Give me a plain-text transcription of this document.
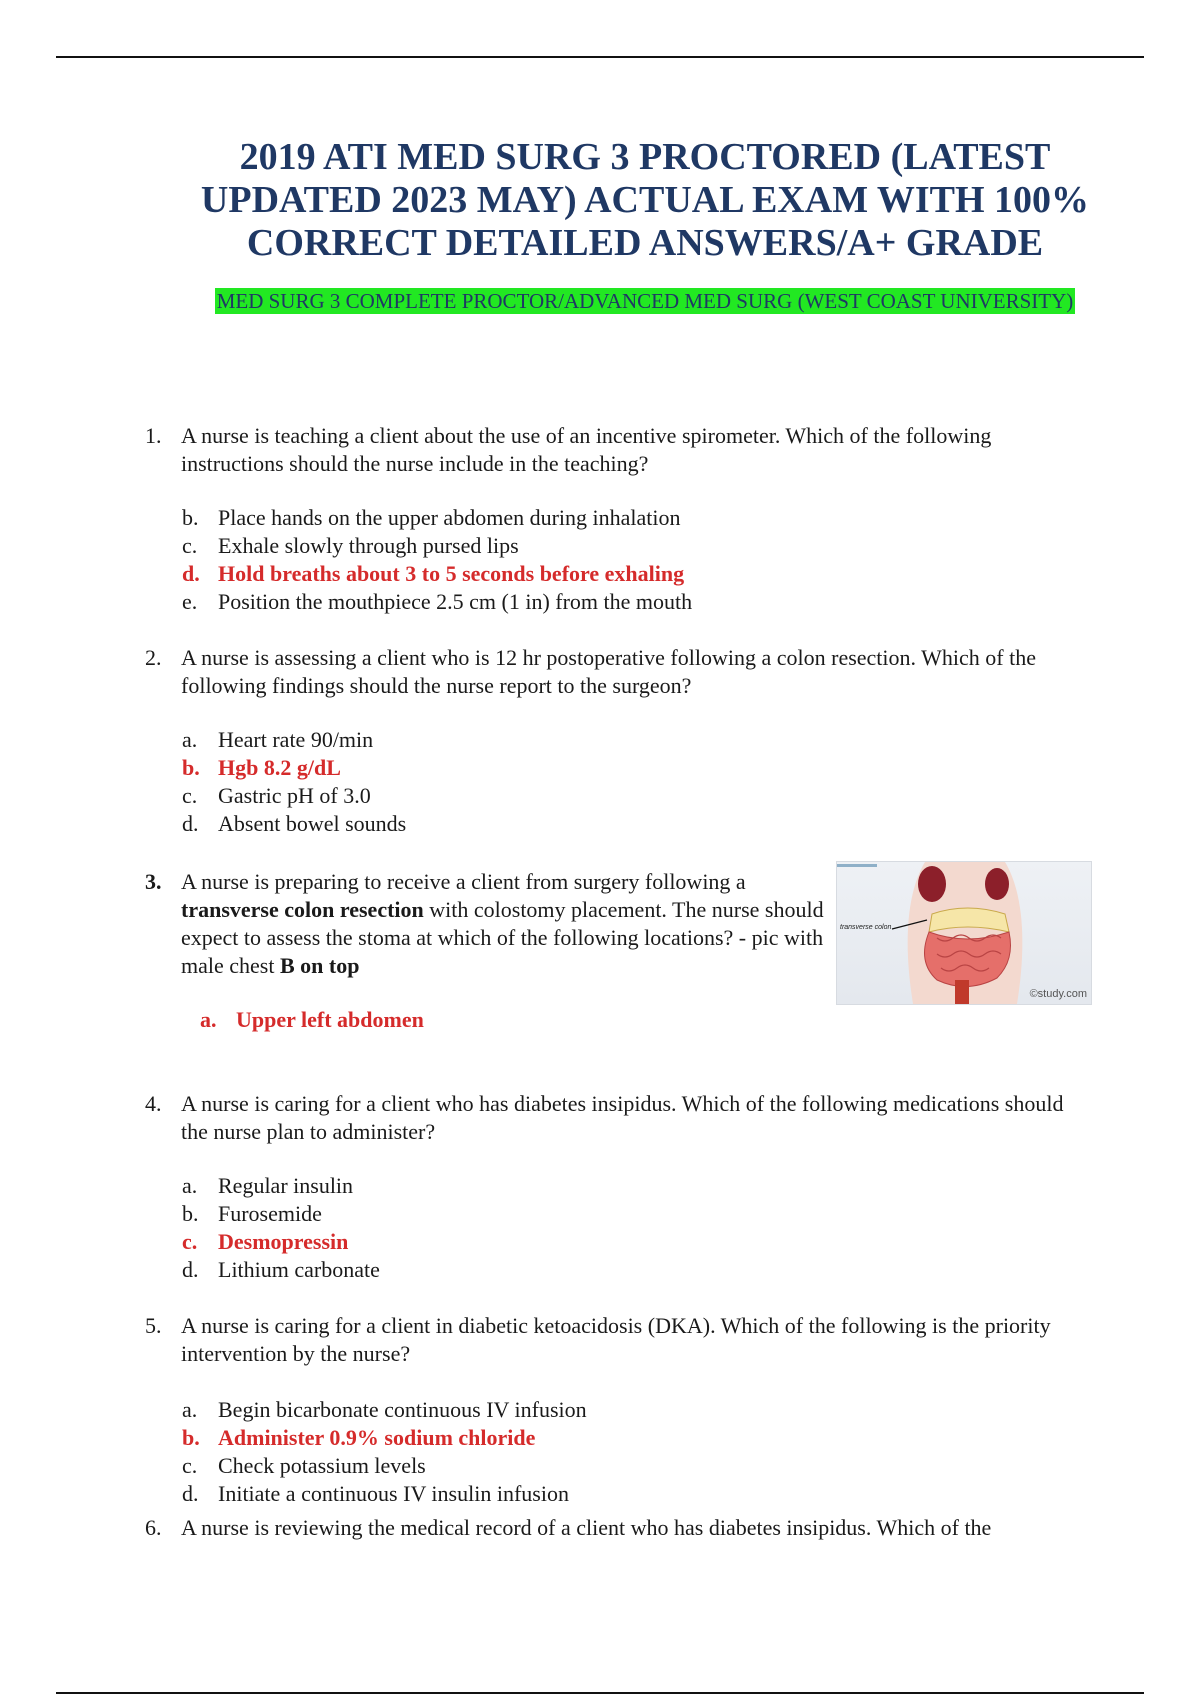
2019 ATI MED SURG 3 PROCTORED (LATEST UPDATED 2023 MAY) ACTUAL EXAM WITH 100% CORRECT DETAILED ANSWERS/A+ GRADE
MED SURG 3 COMPLETE PROCTOR/ADVANCED MED SURG (WEST COAST UNIVERSITY)
1. A nurse is teaching a client about the use of an incentive spirometer. Which of the following instructions should the nurse include in the teaching?
b. Place hands on the upper abdomen during inhalation
c. Exhale slowly through pursed lips
d. Hold breaths about 3 to 5 seconds before exhaling
e. Position the mouthpiece 2.5 cm (1 in) from the mouth
2. A nurse is assessing a client who is 12 hr postoperative following a colon resection. Which of the following findings should the nurse report to the surgeon?
a. Heart rate 90/min
b. Hgb 8.2 g/dL
c. Gastric pH of 3.0
d. Absent bowel sounds
3. A nurse is preparing to receive a client from surgery following a transverse colon resection with colostomy placement. The nurse should expect to assess the stoma at which of the following locations? - pic with male chest B on top
a. Upper left abdomen
transverse colon
©study.com
4. A nurse is caring for a client who has diabetes insipidus. Which of the following medications should the nurse plan to administer?
a. Regular insulin
b. Furosemide
c. Desmopressin
d. Lithium carbonate
5. A nurse is caring for a client in diabetic ketoacidosis (DKA). Which of the following is the priority intervention by the nurse?
a. Begin bicarbonate continuous IV infusion
b. Administer 0.9% sodium chloride
c. Check potassium levels
d. Initiate a continuous IV insulin infusion
6. A nurse is reviewing the medical record of a client who has diabetes insipidus. Which of the
